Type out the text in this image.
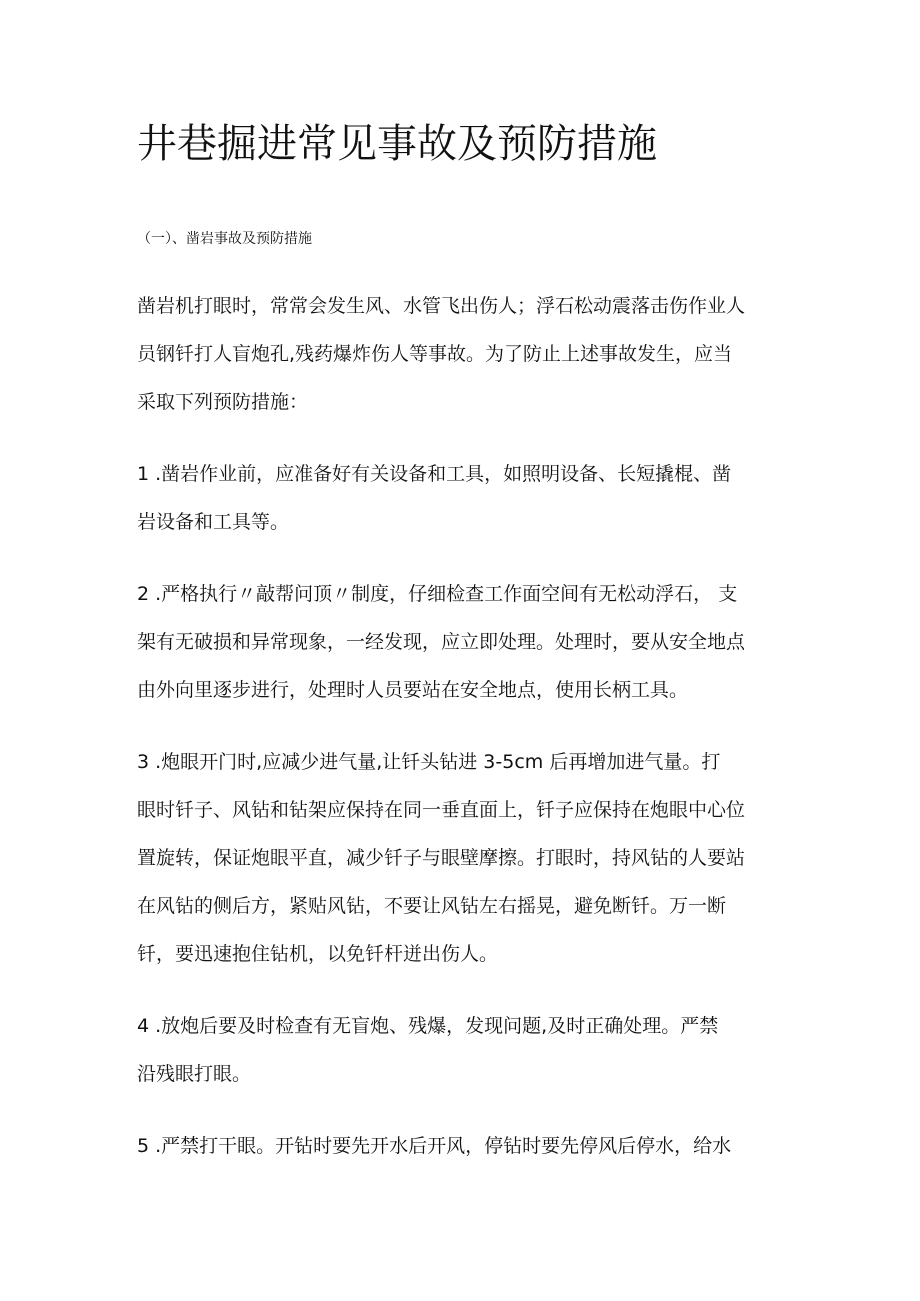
井巷掘进常见事故及预防措施

（一）、凿岩事故及预防措施

凿岩机打眼时，常常会发生风、水管飞出伤人；浮石松动震落击伤作业人
员钢钎打人盲炮孔,残药爆炸伤人等事故。为了防止上述事故发生，应当
采取下列预防措施：
1 .凿岩作业前，应准备好有关设备和工具，如照明设备、长短撬棍、凿
岩设备和工具等。
2 .严格执行〃敲帮问顶〃制度，仔细检查工作面空间有无松动浮石， 支
架有无破损和异常现象，一经发现，应立即处理。处理时，要从安全地点
由外向里逐步进行，处理时人员要站在安全地点，使用长柄工具。
3 .炮眼开门时,应减少进气量,让钎头钻进 3-5cm 后再增加进气量。打
眼时钎子、风钻和钻架应保持在同一垂直面上，钎子应保持在炮眼中心位
置旋转，保证炮眼平直，减少钎子与眼壁摩擦。打眼时，持风钻的人要站
在风钻的侧后方，紧贴风钻，不要让风钻左右摇晃，避免断钎。万一断
钎，要迅速抱住钻机，以免钎杆迸出伤人。
4 .放炮后要及时检查有无盲炮、残爆，发现问题,及时正确处理。严禁
沿残眼打眼。
5 .严禁打干眼。开钻时要先开水后开风，停钻时要先停风后停水，给水
